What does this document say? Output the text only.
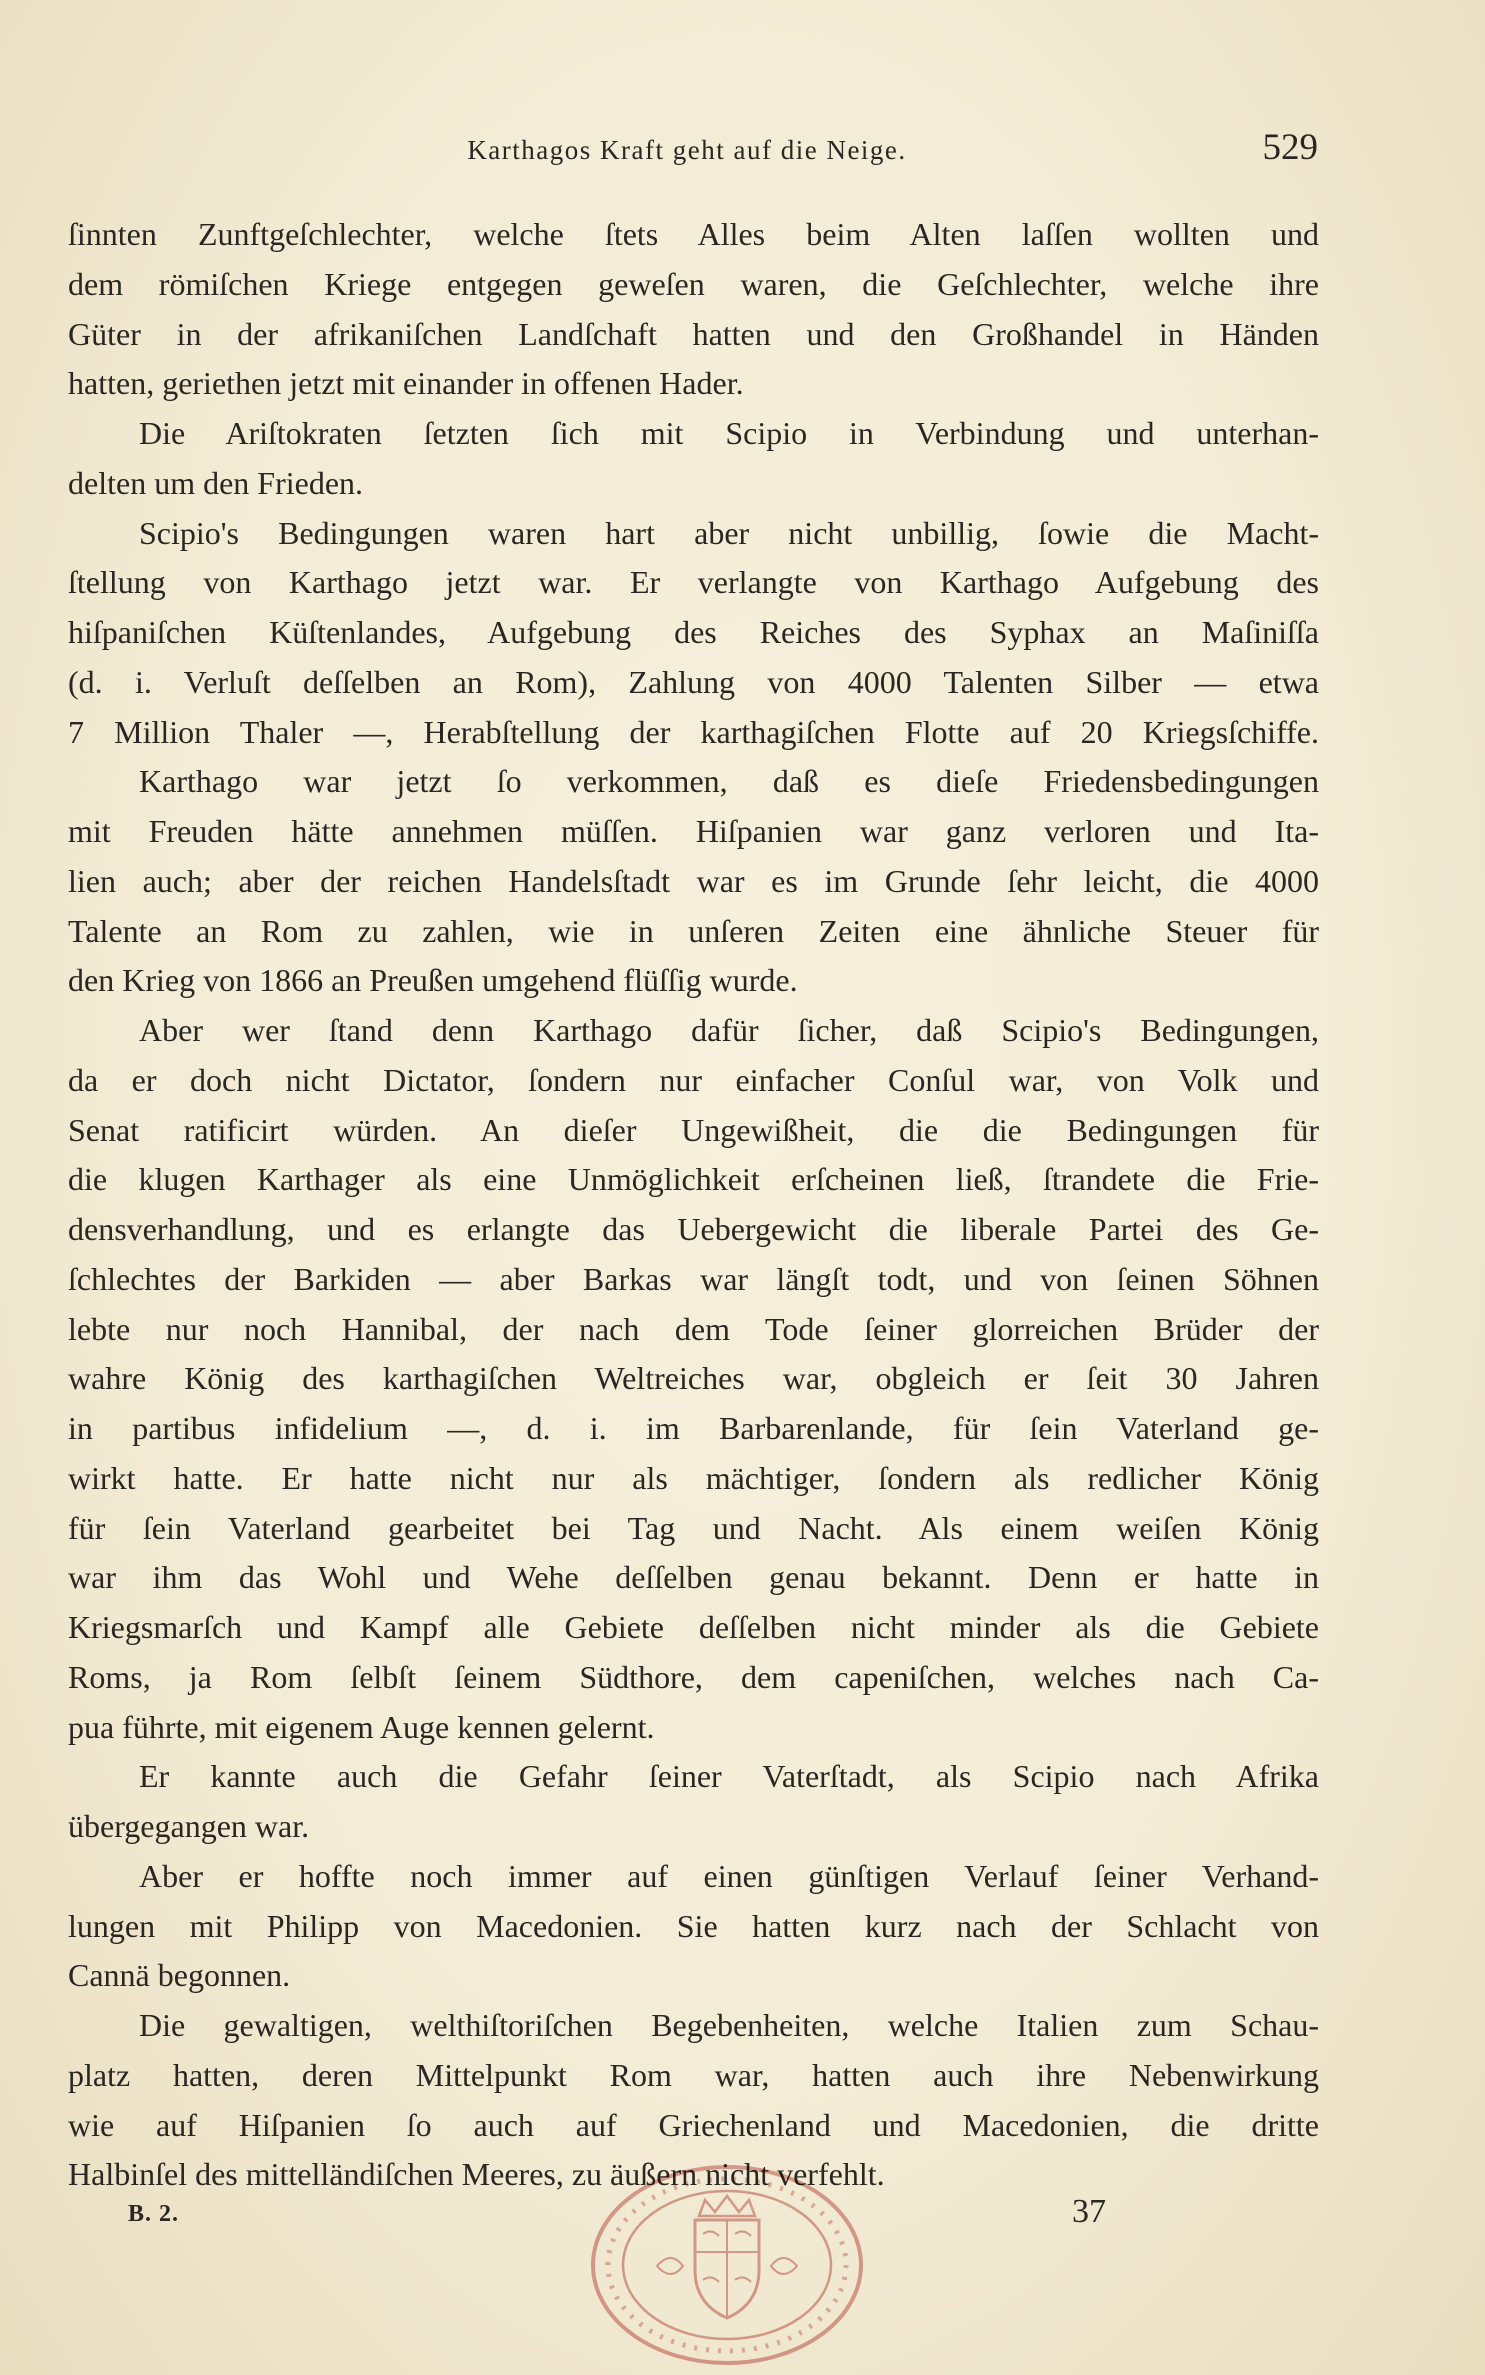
Karthagos Kraft geht auf die Neige.	529
ſinnten Zunftgeſchlechter, welche ſtets Alles beim Alten laſſen wollten und
dem römiſchen Kriege entgegen geweſen waren, die Geſchlechter, welche ihre
Güter in der afrikaniſchen Landſchaft hatten und den Großhandel in Händen
hatten, geriethen jetzt mit einander in offenen Hader.
Die Ariſtokraten ſetzten ſich mit Scipio in Verbindung und unterhan-
delten um den Frieden.
Scipio's Bedingungen waren hart aber nicht unbillig, ſowie die Macht-
ſtellung von Karthago jetzt war. Er verlangte von Karthago Aufgebung des
hiſpaniſchen Küſtenlandes, Aufgebung des Reiches des Syphax an Maſiniſſa
(d. i. Verluſt deſſelben an Rom), Zahlung von 4000 Talenten Silber — etwa
7 Million Thaler —, Herabſtellung der karthagiſchen Flotte auf 20 Kriegsſchiffe.
Karthago war jetzt ſo verkommen, daß es dieſe Friedensbedingungen
mit Freuden hätte annehmen müſſen. Hiſpanien war ganz verloren und Ita-
lien auch; aber der reichen Handelsſtadt war es im Grunde ſehr leicht, die 4000
Talente an Rom zu zahlen, wie in unſeren Zeiten eine ähnliche Steuer für
den Krieg von 1866 an Preußen umgehend flüſſig wurde.
Aber wer ſtand denn Karthago dafür ſicher, daß Scipio's Bedingungen,
da er doch nicht Dictator, ſondern nur einfacher Conſul war, von Volk und
Senat ratificirt würden. An dieſer Ungewißheit, die die Bedingungen für
die klugen Karthager als eine Unmöglichkeit erſcheinen ließ, ſtrandete die Frie-
densverhandlung, und es erlangte das Uebergewicht die liberale Partei des Ge-
ſchlechtes der Barkiden — aber Barkas war längſt todt, und von ſeinen Söhnen
lebte nur noch Hannibal, der nach dem Tode ſeiner glorreichen Brüder der
wahre König des karthagiſchen Weltreiches war, obgleich er ſeit 30 Jahren
in partibus infidelium —, d. i. im Barbarenlande, für ſein Vaterland ge-
wirkt hatte. Er hatte nicht nur als mächtiger, ſondern als redlicher König
für ſein Vaterland gearbeitet bei Tag und Nacht. Als einem weiſen König
war ihm das Wohl und Wehe deſſelben genau bekannt. Denn er hatte in
Kriegsmarſch und Kampf alle Gebiete deſſelben nicht minder als die Gebiete
Roms, ja Rom ſelbſt ſeinem Südthore, dem capeniſchen, welches nach Ca-
pua führte, mit eigenem Auge kennen gelernt.
Er kannte auch die Gefahr ſeiner Vaterſtadt, als Scipio nach Afrika
übergegangen war.
Aber er hoffte noch immer auf einen günſtigen Verlauf ſeiner Verhand-
lungen mit Philipp von Macedonien. Sie hatten kurz nach der Schlacht von
Cannä begonnen.
Die gewaltigen, welthiſtoriſchen Begebenheiten, welche Italien zum Schau-
platz hatten, deren Mittelpunkt Rom war, hatten auch ihre Nebenwirkung
wie auf Hiſpanien ſo auch auf Griechenland und Macedonien, die dritte
Halbinſel des mittelländiſchen Meeres, zu äußern nicht verfehlt.
B. 2.	37
